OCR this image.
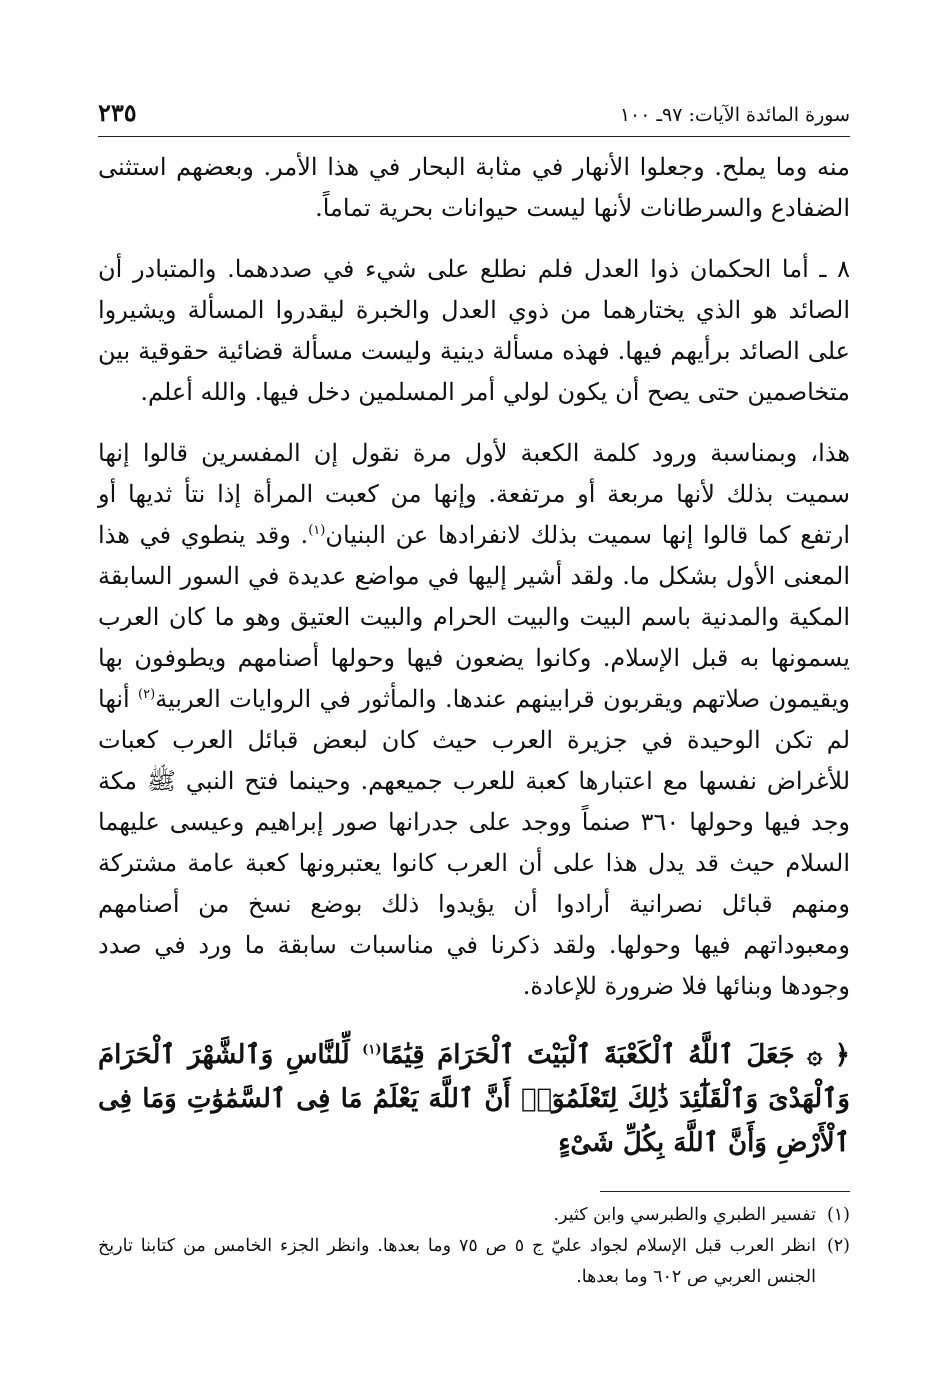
سورة المائدة الآيات: ٩٧ـ ١٠٠
٢٣٥

منه وما يملح. وجعلوا الأنهار في مثابة البحار في هذا الأمر. وبعضهم استثنى الضفادع والسرطانات لأنها ليست حيوانات بحرية تماماً.

٨ ـ أما الحكمان ذوا العدل فلم نطلع على شيء في صددهما. والمتبادر أن الصائد هو الذي يختارهما من ذوي العدل والخبرة ليقدروا المسألة ويشيروا على الصائد برأيهم فيها. فهذه مسألة دينية وليست مسألة قضائية حقوقية بين متخاصمين حتى يصح أن يكون لولي أمر المسلمين دخل فيها. والله أعلم.

هذا، وبمناسبة ورود كلمة الكعبة لأول مرة نقول إن المفسرين قالوا إنها سميت بذلك لأنها مربعة أو مرتفعة. وإنها من كعبت المرأة إذا نتأ ثديها أو ارتفع كما قالوا إنها سميت بذلك لانفرادها عن البنيان$^{(١)}$. وقد ينطوي في هذا المعنى الأول بشكل ما. ولقد أشير إليها في مواضع عديدة في السور السابقة المكية والمدنية باسم البيت والبيت الحرام والبيت العتيق وهو ما كان العرب يسمونها به قبل الإسلام. وكانوا يضعون فيها وحولها أصنامهم ويطوفون بها ويقيمون صلاتهم ويقربون قرابينهم عندها. والمأثور في الروايات العربية$^{(٢)}$ أنها لم تكن الوحيدة في جزيرة العرب حيث كان لبعض قبائل العرب كعبات للأغراض نفسها مع اعتبارها كعبة للعرب جميعهم. وحينما فتح النبي ﷺ مكة وجد فيها وحولها ٣٦٠ صنماً ووجد على جدرانها صور إبراهيم وعيسى عليهما السلام حيث قد يدل هذا على أن العرب كانوا يعتبرونها كعبة عامة مشتركة ومنهم قبائل نصرانية أرادوا أن يؤيدوا ذلك بوضع نسخ من أصنامهم ومعبوداتهم فيها وحولها. ولقد ذكرنا في مناسبات سابقة ما ورد في صدد وجودها وبنائها فلا ضرورة للإعادة.

﴿ ۞ جَعَلَ ٱللَّهُ ٱلْكَعْبَةَ ٱلْبَيْتَ ٱلْحَرَامَ قِيَٰمًا$^{(١)}$ لِّلنَّاسِ وَٱلشَّهْرَ ٱلْحَرَامَ وَٱلْهَدْىَ وَٱلْقَلَٰٓئِدَ ذَٰلِكَ لِتَعْلَمُوٓا۟ أَنَّ ٱللَّهَ يَعْلَمُ مَا فِى ٱلسَّمَٰوَٰتِ وَمَا فِى ٱلْأَرْضِ وَأَنَّ ٱللَّهَ بِكُلِّ شَىْءٍ

(١)
تفسير الطبري والطبرسي وابن كثير.
(٢)
انظر العرب قبل الإسلام لجواد عليّ ج ٥ ص ٧٥ وما بعدها. وانظر الجزء الخامس من كتابنا تاريخ الجنس العربي ص ٦٠٢ وما بعدها.
